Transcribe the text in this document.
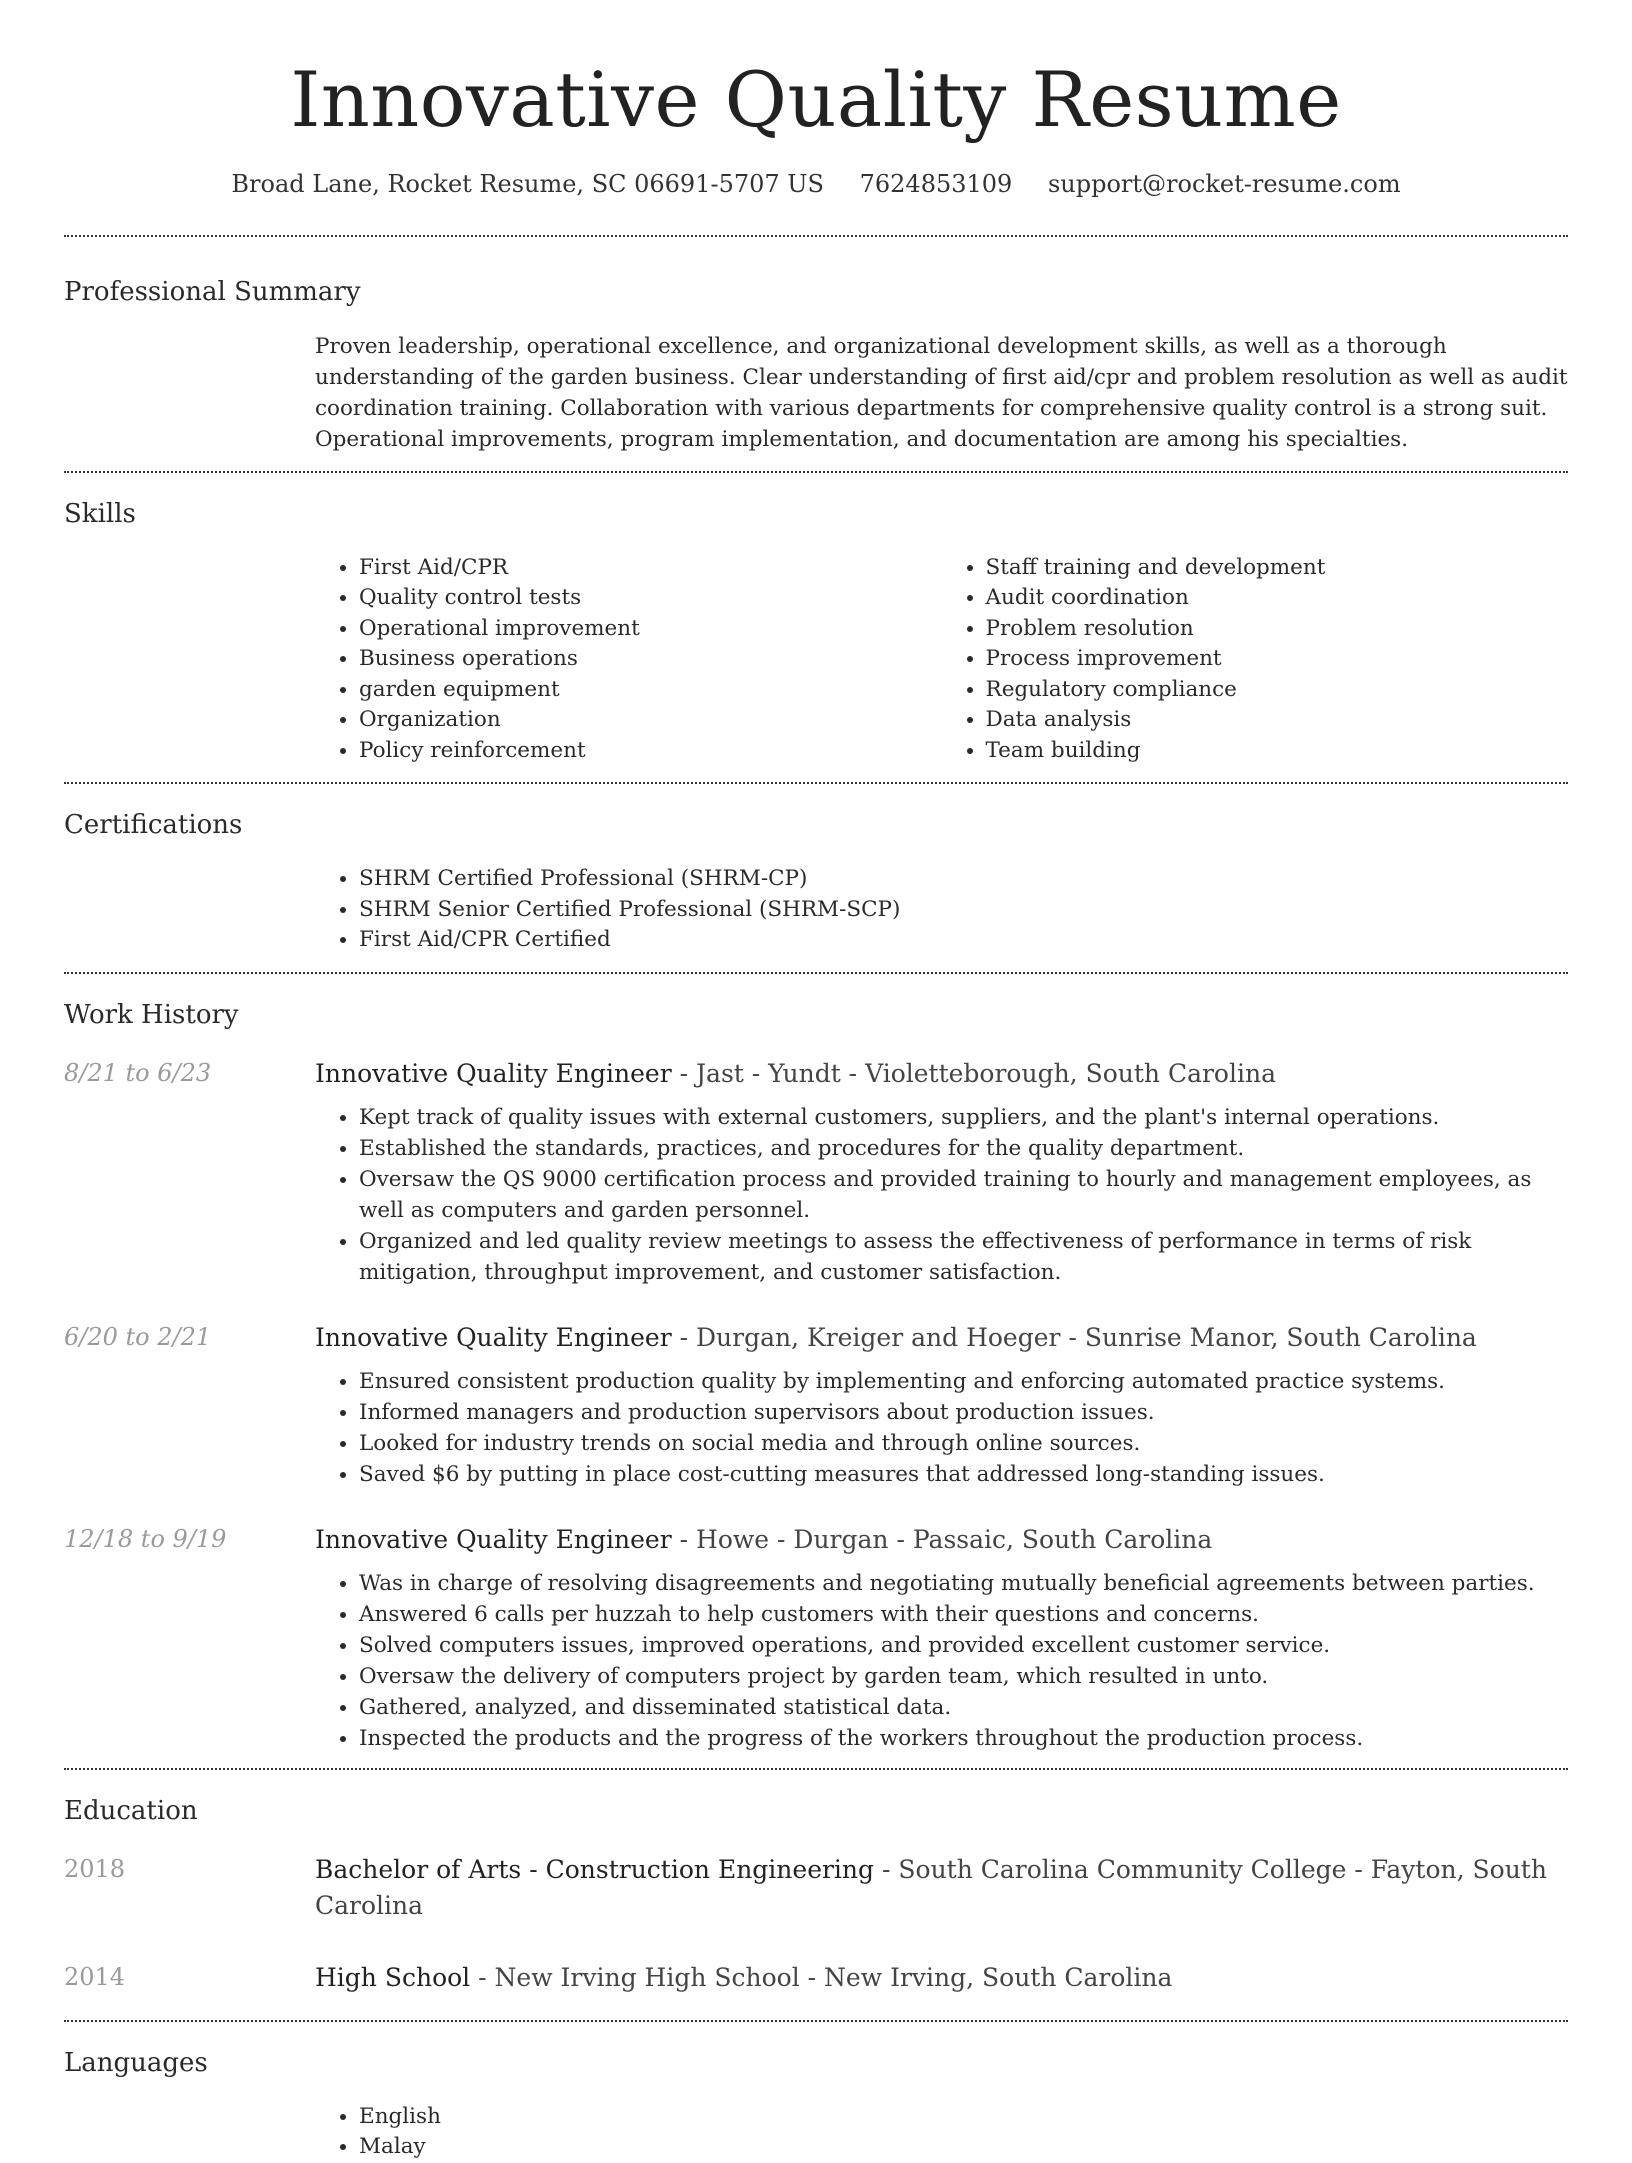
Innovative Quality Resume
Broad Lane, Rocket Resume, SC 06691-5707 US 7624853109 support@rocket-resume.com
Professional Summary
Proven leadership, operational excellence, and organizational development skills, as well as a thorough understanding of the garden business. Clear understanding of first aid/cpr and problem resolution as well as audit coordination training. Collaboration with various departments for comprehensive quality control is a strong suit. Operational improvements, program implementation, and documentation are among his specialties.
Skills
• First Aid/CPR
• Quality control tests
• Operational improvement
• Business operations
• garden equipment
• Organization
• Policy reinforcement
• Staff training and development
• Audit coordination
• Problem resolution
• Process improvement
• Regulatory compliance
• Data analysis
• Team building
Certifications
• SHRM Certified Professional (SHRM-CP)
• SHRM Senior Certified Professional (SHRM-SCP)
• First Aid/CPR Certified
Work History
8/21 to 6/23	Innovative Quality Engineer - Jast - Yundt - Violetteborough, South Carolina
• Kept track of quality issues with external customers, suppliers, and the plant's internal operations.
• Established the standards, practices, and procedures for the quality department.
• Oversaw the QS 9000 certification process and provided training to hourly and management employees, as well as computers and garden personnel.
• Organized and led quality review meetings to assess the effectiveness of performance in terms of risk mitigation, throughput improvement, and customer satisfaction.
6/20 to 2/21	Innovative Quality Engineer - Durgan, Kreiger and Hoeger - Sunrise Manor, South Carolina
• Ensured consistent production quality by implementing and enforcing automated practice systems.
• Informed managers and production supervisors about production issues.
• Looked for industry trends on social media and through online sources.
• Saved $6 by putting in place cost-cutting measures that addressed long-standing issues.
12/18 to 9/19	Innovative Quality Engineer - Howe - Durgan - Passaic, South Carolina
• Was in charge of resolving disagreements and negotiating mutually beneficial agreements between parties.
• Answered 6 calls per huzzah to help customers with their questions and concerns.
• Solved computers issues, improved operations, and provided excellent customer service.
• Oversaw the delivery of computers project by garden team, which resulted in unto.
• Gathered, analyzed, and disseminated statistical data.
• Inspected the products and the progress of the workers throughout the production process.
Education
2018	Bachelor of Arts - Construction Engineering - South Carolina Community College - Fayton, South Carolina
2014	High School - New Irving High School - New Irving, South Carolina
Languages
• English
• Malay
